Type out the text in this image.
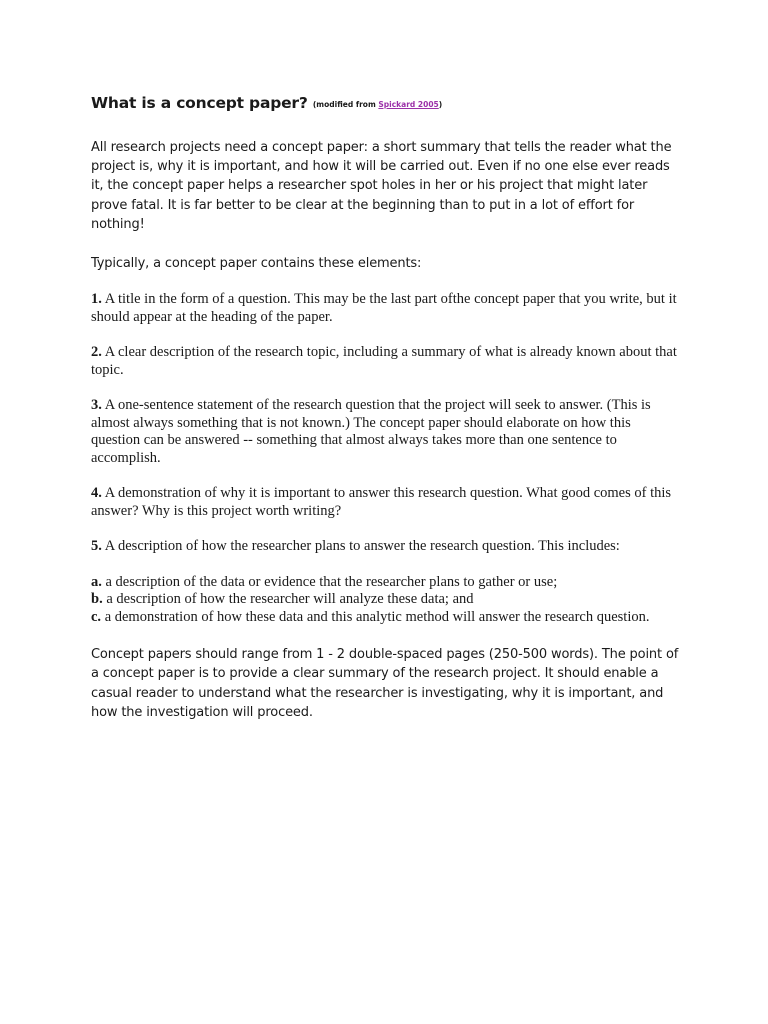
What is a concept paper? (modified from Spickard 2005)

All research projects need a concept paper: a short summary that tells the reader what the project is, why it is important, and how it will be carried out. Even if no one else ever reads it, the concept paper helps a researcher spot holes in her or his project that might later prove fatal. It is far better to be clear at the beginning than to put in a lot of effort for nothing!

Typically, a concept paper contains these elements:

1. A title in the form of a question. This may be the last part ofthe concept paper that you write, but it should appear at the heading of the paper.

2. A clear description of the research topic, including a summary of what is already known about that topic.

3. A one-sentence statement of the research question that the project will seek to answer. (This is almost always something that is not known.) The concept paper should elaborate on how this question can be answered -- something that almost always takes more than one sentence to accomplish.

4. A demonstration of why it is important to answer this research question. What good comes of this answer? Why is this project worth writing?

5. A description of how the researcher plans to answer the research question. This includes:

a. a description of the data or evidence that the researcher plans to gather or use;
b. a description of how the researcher will analyze these data; and
c. a demonstration of how these data and this analytic method will answer the research question.

Concept papers should range from 1 - 2 double-spaced pages (250-500 words). The point of a concept paper is to provide a clear summary of the research project. It should enable a casual reader to understand what the researcher is investigating, why it is important, and how the investigation will proceed.
